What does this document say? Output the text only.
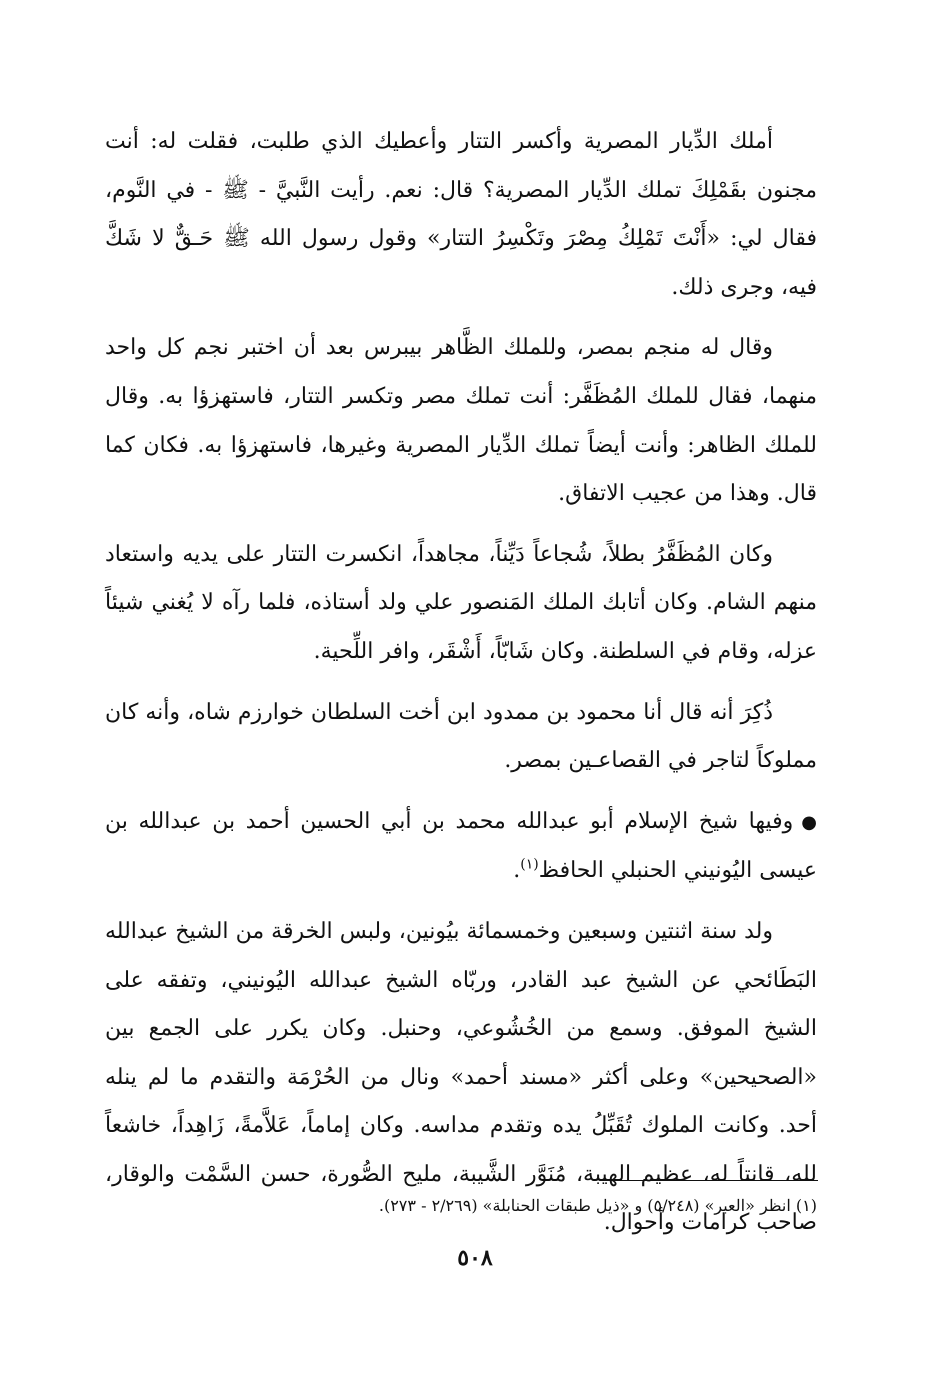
أملك الدِّيار المصرية وأكسر التتار وأعطيك الذي طلبت، فقلت له: أنت مجنون بقَمْلِكَ تملك الدِّيار المصرية؟ قال: نعم. رأيت النَّبيَّ - ﷺ - في النَّوم، فقال لي: «أَنْتَ تَمْلِكُ مِصْرَ وتَكْسِرُ التتار» وقول رسول الله ﷺ حَـقٌّ لا شَكَّ فيه، وجرى ذلك.

وقال له منجم بمصر، وللملك الظَّاهر بيبرس بعد أن اختبر نجم كل واحد منهما، فقال للملك المُظَفَّر: أنت تملك مصر وتكسر التتار، فاستهزؤا به. وقال للملك الظاهر: وأنت أيضاً تملك الدِّيار المصرية وغيرها، فاستهزؤا به. فكان كما قال. وهذا من عجيب الاتفاق.

وكان المُظَفَّرُ بطلاً، شُجاعاً دَيِّناً، مجاهداً، انكسرت التتار على يديه واستعاد منهم الشام. وكان أتابك الملك المَنصور علي ولد أستاذه، فلما رآه لا يُغني شيئاً عزله، وقام في السلطنة. وكان شَابّاً، أَشْقَر، وافر اللِّحية.

ذُكِرَ أنه قال أنا محمود بن ممدود ابن أخت السلطان خوارزم شاه، وأنه كان مملوكاً لتاجر في القصاعـين بمصر.

●وفيها شيخ الإسلام أبو عبدالله محمد بن أبي الحسين أحمد بن عبدالله بن عيسى اليُونيني الحنبلي الحافظ$^{(١)}$.

ولد سنة اثنتين وسبعين وخمسمائة بيُونين، ولبس الخرقة من الشيخ عبدالله البَطَائحي عن الشيخ عبد القادر، وربّاه الشيخ عبدالله اليُونيني، وتفقه على الشيخ الموفق. وسمع من الخُشُوعي، وحنبل. وكان يكرر على الجمع بين «الصحيحين» وعلى أكثر «مسند أحمد» ونال من الحُرْمَة والتقدم ما لم ينله أحد. وكانت الملوك تُقَبِّلُ يده وتقدم مداسه. وكان إماماً، عَلاَّمةً، زَاهِداً، خاشعاً لله، قانتاً له، عظيم الهيبة، مُنَوَّر الشَّيبة، مليح الصُّورة، حسن السَّمْت والوقار، صاحب كرامات وأحوال.

(١) انظر «العبر» (٥/٢٤٨) و «ذيل طبقات الحنابلة» (٢/٢٦٩ - ٢٧٣).
٥٠٨
